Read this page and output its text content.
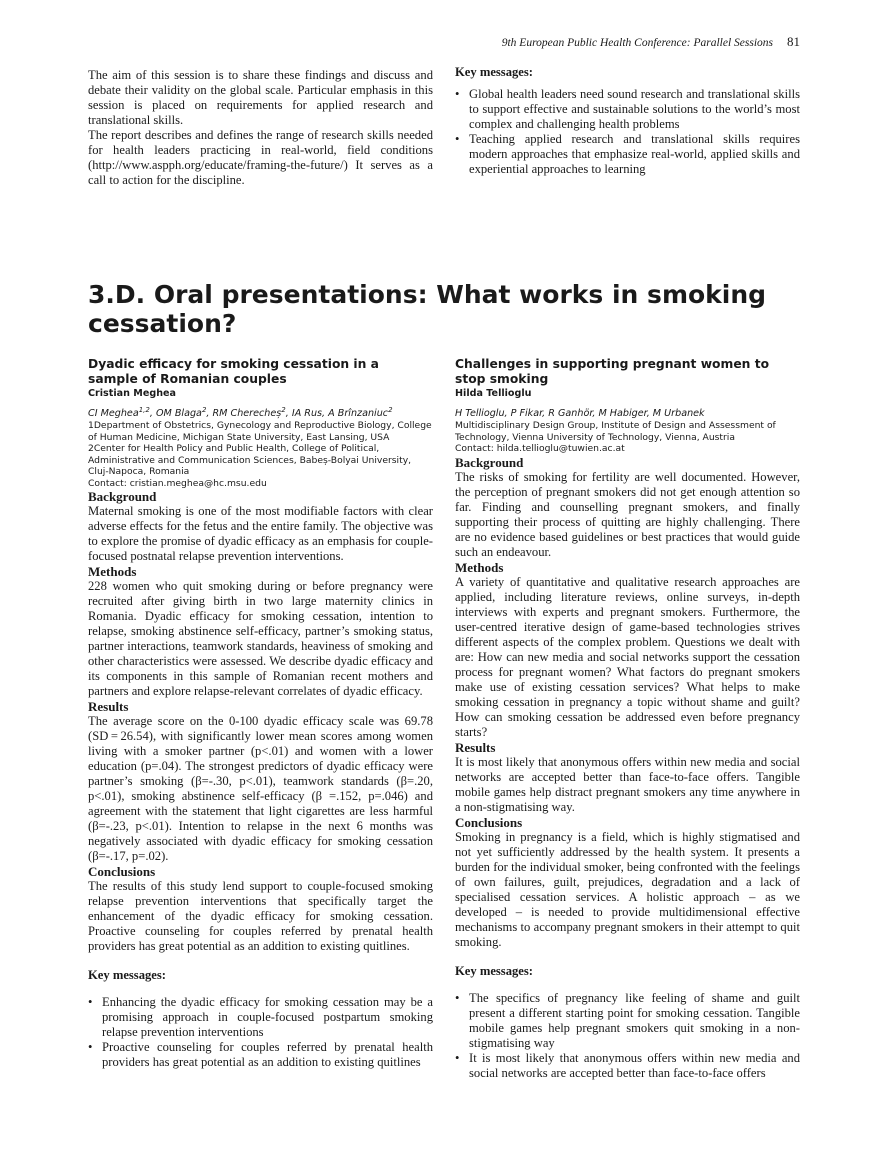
9th European Public Health Conference: Parallel Sessions 81

The aim of this session is to share these findings and discuss and debate their validity on the global scale. Particular emphasis in this session is placed on requirements for applied research and translational skills.

The report describes and defines the range of research skills needed for health leaders practicing in real-world, field conditions (http://www.aspph.org/educate/framing-the-future/) It serves as a call to action for the discipline.

Key messages:
• Global health leaders need sound research and translational skills to support effective and sustainable solutions to the world’s most complex and challenging health problems
• Teaching applied research and translational skills requires modern approaches that emphasize real-world, applied skills and experiential approaches to learning
3.D. Oral presentations: What works in smoking cessation?
Dyadic efficacy for smoking cessation in a sample of Romanian couples
Cristian Meghea
CI Meghea$^{1,2}$, OM Blaga$^2$, RM Cherecheș$^2$, IA Rus, A Brînzaniuc$^2$
1Department of Obstetrics, Gynecology and Reproductive Biology, College of Human Medicine, Michigan State University, East Lansing, USA
2Center for Health Policy and Public Health, College of Political, Administrative and Communication Sciences, Babeș-Bolyai University, Cluj-Napoca, Romania
Contact: cristian.meghea@hc.msu.edu
Background

Maternal smoking is one of the most modifiable factors with clear adverse effects for the fetus and the entire family. The objective was to explore the promise of dyadic efficacy as an emphasis for couple-focused postnatal relapse prevention interventions.

Methods

228 women who quit smoking during or before pregnancy were recruited after giving birth in two large maternity clinics in Romania. Dyadic efficacy for smoking cessation, intention to relapse, smoking abstinence self-efficacy, partner’s smoking status, partner interactions, teamwork standards, heaviness of smoking and other characteristics were assessed. We describe dyadic efficacy and its components in this sample of Romanian recent mothers and partners and explore relapse-relevant correlates of dyadic efficacy.

Results

The average score on the 0-100 dyadic efficacy scale was 69.78 (SD = 26.54), with significantly lower mean scores among women living with a smoker partner (p<.01) and women with a lower education (p=.04). The strongest predictors of dyadic efficacy were partner’s smoking (β=-.30, p<.01), teamwork standards (β=.20, p<.01), smoking abstinence self-efficacy (β =.152, p=.046) and agreement with the statement that light cigarettes are less harmful (β=-.23, p<.01). Intention to relapse in the next 6 months was negatively associated with dyadic efficacy for smoking cessation (β=-.17, p=.02).

Conclusions

The results of this study lend support to couple-focused smoking relapse prevention interventions that specifically target the enhancement of the dyadic efficacy for smoking cessation. Proactive counseling for couples referred by prenatal health providers has great potential as an addition to existing quitlines.

Key messages:
• Enhancing the dyadic efficacy for smoking cessation may be a promising approach in couple-focused postpartum smoking relapse prevention interventions
• Proactive counseling for couples referred by prenatal health providers has great potential as an addition to existing quitlines
Challenges in supporting pregnant women to stop smoking
Hilda Tellioglu
H Tellioglu, P Fikar, R Ganhör, M Habiger, M Urbanek
Multidisciplinary Design Group, Institute of Design and Assessment of Technology, Vienna University of Technology, Vienna, Austria
Contact: hilda.tellioglu@tuwien.ac.at
Background

The risks of smoking for fertility are well documented. However, the perception of pregnant smokers did not get enough attention so far. Finding and counselling pregnant smokers, and finally supporting their process of quitting are highly challenging. There are no evidence based guidelines or best practices that would guide such an endeavour.

Methods

A variety of quantitative and qualitative research approaches are applied, including literature reviews, online surveys, in-depth interviews with experts and pregnant smokers. Furthermore, the user-centred iterative design of game-based technologies strives different aspects of the complex problem. Questions we dealt with are: How can new media and social networks support the cessation process for pregnant women? What factors do pregnant smokers make use of existing cessation services? What helps to make smoking cessation in pregnancy a topic without shame and guilt? How can smoking cessation be addressed even before pregnancy starts?

Results

It is most likely that anonymous offers within new media and social networks are accepted better than face-to-face offers. Tangible mobile games help distract pregnant smokers any time anywhere in a non-stigmatising way.

Conclusions

Smoking in pregnancy is a field, which is highly stigmatised and not yet sufficiently addressed by the health system. It presents a burden for the individual smoker, being confronted with the feelings of own failures, guilt, prejudices, degradation and a lack of specialised cessation services. A holistic approach – as we developed – is needed to provide multidimensional effective mechanisms to accompany pregnant smokers in their attempt to quit smoking.

Key messages:
• The specifics of pregnancy like feeling of shame and guilt present a different starting point for smoking cessation. Tangible mobile games help pregnant smokers quit smoking in a non-stigmatising way
• It is most likely that anonymous offers within new media and social networks are accepted better than face-to-face offers
